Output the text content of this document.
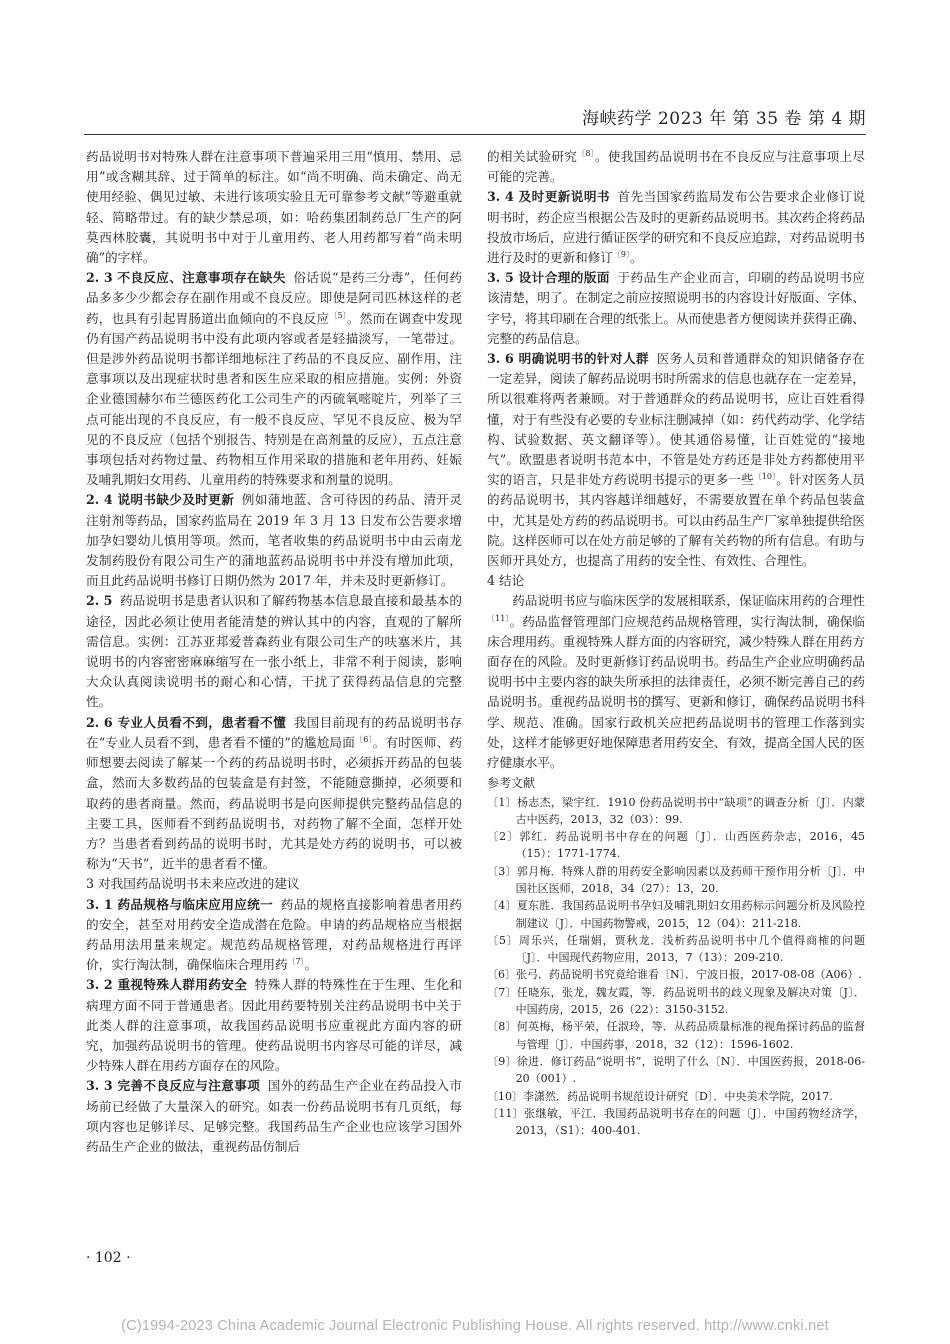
海峡药学 2023 年 第 35 卷 第 4 期

药品说明书对特殊人群在注意事项下普遍采用三用“慎用、禁用、忌用”或含糊其辞、过于简单的标注。如“尚不明确、尚未确定、尚无使用经验、偶见过敏、未进行该项实验且无可靠参考文献”等避重就轻、简略带过。有的缺少禁忌项，如：哈药集团制药总厂生产的阿莫西林胶囊，其说明书中对于儿童用药、老人用药都写着“尚未明确”的字样。

2. 3 不良反应、注意事项存在缺失 俗话说“是药三分毒”，任何药品多多少少都会存在副作用或不良反应。即使是阿司匹林这样的老药，也具有引起胃肠道出血倾向的不良反应$^{〔5〕}$。然而在调查中发现仍有国产药品说明书中没有此项内容或者是轻描淡写，一笔带过。但是涉外药品说明书都详细地标注了药品的不良反应、副作用、注意事项以及出现症状时患者和医生应采取的相应措施。实例：外资企业德国赫尔布兰德医药化工公司生产的丙硫氧嘧啶片，列举了三点可能出现的不良反应，有一般不良反应、罕见不良反应、极为罕见的不良反应（包括个别报告、特别是在高剂量的反应），五点注意事项包括对药物过量、药物相互作用采取的措施和老年用药、妊娠及哺乳期妇女用药、儿童用药的特殊要求和剂量的说明。

2. 4 说明书缺少及时更新 例如蒲地蓝、含可待因的药品、清开灵注射剂等药品，国家药监局在 2019 年 3 月 13 日发布公告要求增加孕妇婴幼儿慎用等项。然而，笔者收集的药品说明书中由云南龙发制药股份有限公司生产的蒲地蓝药品说明书中并没有增加此项，而且此药品说明书修订日期仍然为 2017 年，并未及时更新修订。

2. 5 药品说明书是患者认识和了解药物基本信息最直接和最基本的途径，因此必须让使用者能清楚的辨认其中的内容，直观的了解所需信息。实例：江苏亚邦爱普森药业有限公司生产的呋塞米片，其说明书的内容密密麻麻缩写在一张小纸上，非常不利于阅读，影响大众认真阅读说明书的耐心和心情，干扰了获得药品信息的完整性。

2. 6 专业人员看不到，患者看不懂 我国目前现有的药品说明书存在“专业人员看不到，患者看不懂的”的尴尬局面$^{〔6〕}$。有时医师、药师想要去阅读了解某一个药的药品说明书时，必须拆开药品的包装盒，然而大多数药品的包装盒是有封签，不能随意撕掉，必须要和取药的患者商量。然而，药品说明书是向医师提供完整药品信息的主要工具，医师看不到药品说明书，对药物了解不全面，怎样开处方？当患者看到药品的说明书时，尤其是处方药的说明书，可以被称为“天书”，近半的患者看不懂。

3 对我国药品说明书未来应改进的建议

3. 1 药品规格与临床应用应统一 药品的规格直接影响着患者用药的安全，甚至对用药安全造成潜在危险。申请的药品规格应当根据药品用法用量来规定。规范药品规格管理，对药品规格进行再评价，实行淘汰制，确保临床合理用药$^{〔7〕}$。

3. 2 重视特殊人群用药安全 特殊人群的特殊性在于生理、生化和病理方面不同于普通患者。因此用药要特别关注药品说明书中关于此类人群的注意事项，故我国药品说明书应重视此方面内容的研究，加强药品说明书的管理。使药品说明书内容尽可能的详尽，减少特殊人群在用药方面存在的风险。

3. 3 完善不良反应与注意事项 国外的药品生产企业在药品投入市场前已经做了大量深入的研究。如表一份药品说明书有几页纸，每项内容也足够详尽、足够完整。我国药品生产企业也应该学习国外药品生产企业的做法，重视药品仿制后

的相关试验研究$^{〔8〕}$。使我国药品说明书在不良反应与注意事项上尽可能的完善。

3. 4 及时更新说明书 首先当国家药监局发布公告要求企业修订说明书时，药企应当根据公告及时的更新药品说明书。其次药企将药品投放市场后，应进行循证医学的研究和不良反应追踪，对药品说明书进行及时的更新和修订$^{〔9〕}$。

3. 5 设计合理的版面 于药品生产企业而言，印刷的药品说明书应该清楚，明了。在制定之前应按照说明书的内容设计好版面、字体、字号，将其印刷在合理的纸张上。从而使患者方便阅读并获得正确、完整的药品信息。

3. 6 明确说明书的针对人群 医务人员和普通群众的知识储备存在一定差异，阅读了解药品说明书时所需求的信息也就存在一定差异，所以很难将两者兼顾。对于普通群众的药品说明书，应让百姓看得懂，对于有些没有必要的专业标注删减掉（如：药代药动学、化学结构、试验数据、英文翻译等）。使其通俗易懂，让百姓觉的“接地气”。欧盟患者说明书范本中，不管是处方药还是非处方药都使用平实的语言，只是非处方药说明书提示的更多一些$^{〔10〕}$。针对医务人员的药品说明书，其内容越详细越好，不需要放置在单个药品包装盒中，尤其是处方药的药品说明书。可以由药品生产厂家单独提供给医院。这样医师可以在处方前足够的了解有关药物的所有信息。有助与医师开具处方，也提高了用药的安全性、有效性、合理性。

4 结论

药品说明书应与临床医学的发展相联系，保证临床用药的合理性$^{〔11〕}$。药品监督管理部门应规范药品规格管理，实行淘汰制，确保临床合理用药。重视特殊人群方面的内容研究，减少特殊人群在用药方面存在的风险。及时更新修订药品说明书。药品生产企业应明确药品说明书中主要内容的缺失所承担的法律责任，必须不断完善自己的药品说明书。重视药品说明书的撰写、更新和修订，确保药品说明书科学、规范、准确。国家行政机关应把药品说明书的管理工作落到实处，这样才能够更好地保障患者用药安全、有效，提高全国人民的医疗健康水平。

参考文献

〔1〕杨志杰，梁宇红．1910 份药品说明书中“缺项”的调查分析〔J〕．内蒙古中医药，2013，32（03）：99.

〔2〕郭红．药品说明书中存在的问题〔J〕．山西医药杂志，2016，45（15）：1771-1774.

〔3〕郭月梅．特殊人群的用药安全影响因素以及药师干预作用分析〔J〕．中国社区医师，2018，34（27）：13，20.

〔4〕夏东胜．我国药品说明书孕妇及哺乳期妇女用药标示问题分析及风险控制建议〔J〕．中国药物警戒，2015，12（04）：211-218.

〔5〕周乐兴，任瑞娟，贾秋龙．浅析药品说明书中几个值得商榷的问题〔J〕．中国现代药物应用，2013，7（13）：209-210.

〔6〕张弓．药品说明书究竟给谁看〔N〕．宁波日报，2017-08-08（A06）.

〔7〕任晓东，张龙，魏友霞，等．药品说明书的歧义现象及解决对策〔J〕．中国药房，2015，26（22）：3150-3152.

〔8〕何英梅，杨平荣，任淑玲，等．从药品质量标准的视角探讨药品的监督与管理〔J〕．中国药事，2018，32（12）：1596-1602.

〔9〕徐进．修订药品“说明书”，说明了什么〔N〕．中国医药报，2018-06-20（001）.

〔10〕李潇然．药品说明书规范设计研究〔D〕．中央美术学院，2017.

〔11〕张继敏，平江．我国药品说明书存在的问题〔J〕．中国药物经济学，2013，（S1）：400-401.

· 102 ·
(C)1994-2023 China Academic Journal Electronic Publishing House. All rights reserved. http://www.cnki.net
